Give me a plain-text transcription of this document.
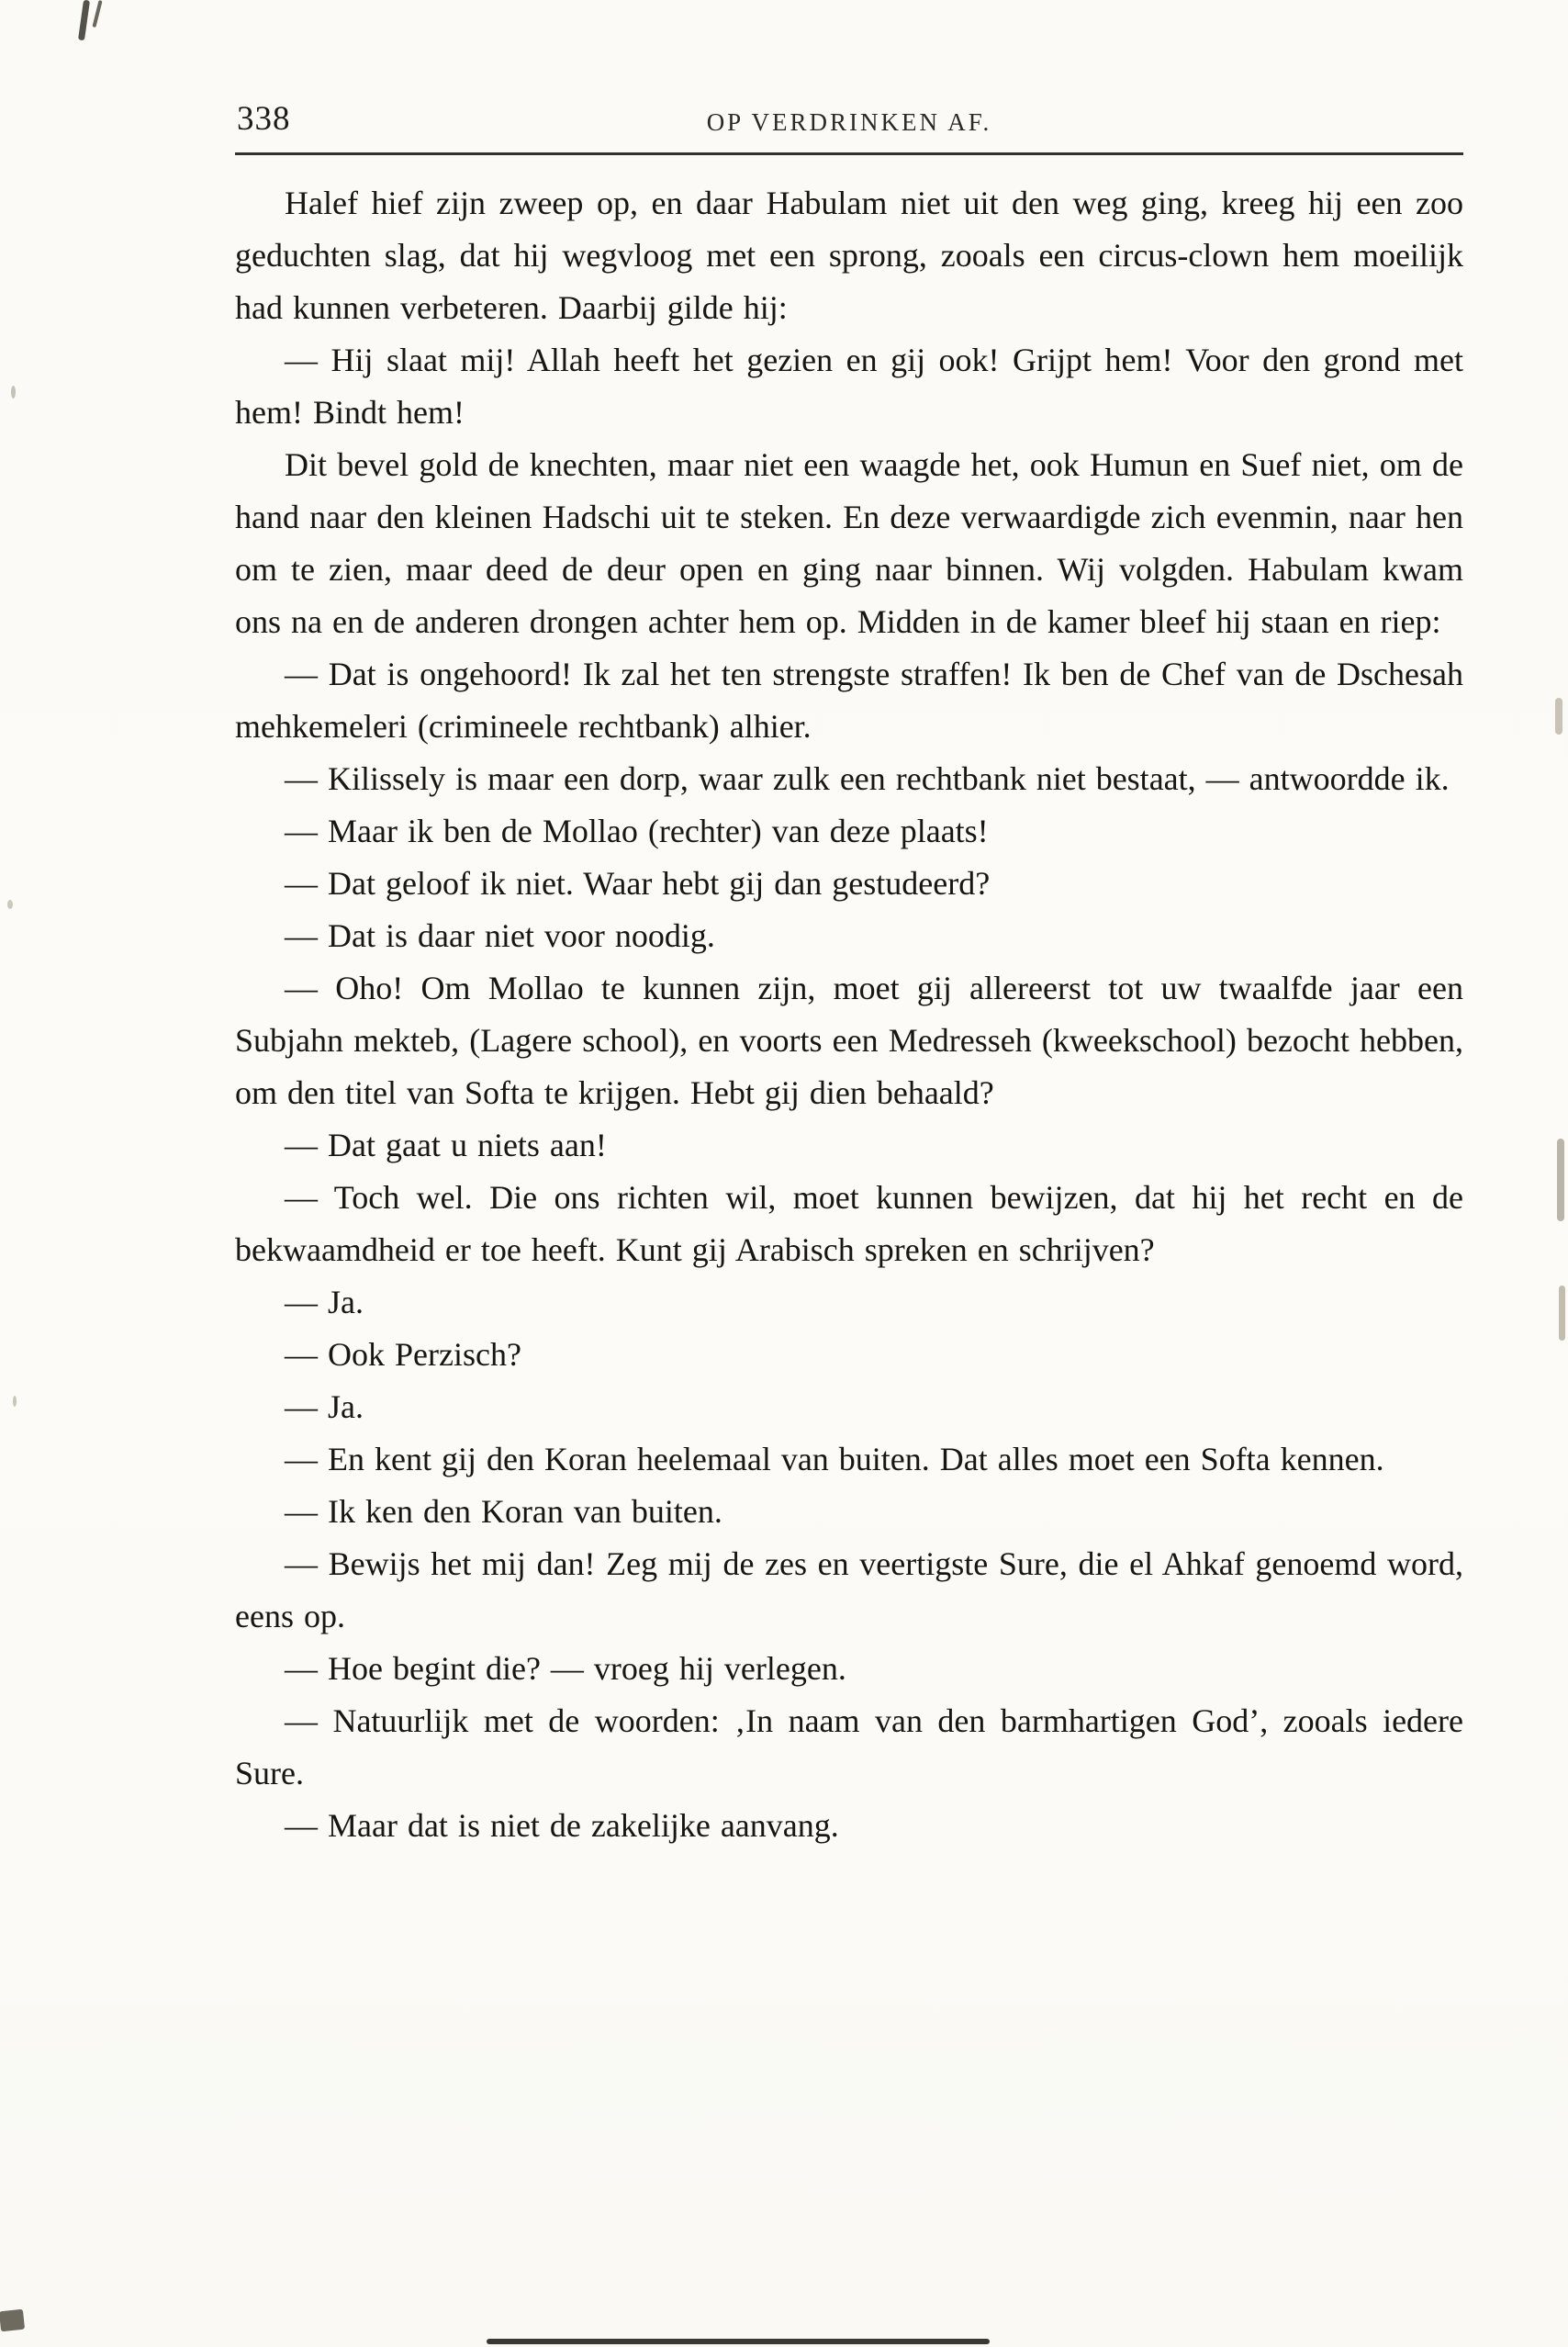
338	OP VERDRINKEN AF.

Halef hief zijn zweep op, en daar Habulam niet uit den weg ging, kreeg hij een zoo geduchten slag, dat hij wegvloog met een sprong, zooals een circus-clown hem moeilijk had kunnen verbeteren. Daarbij gilde hij:

— Hij slaat mij! Allah heeft het gezien en gij ook! Grijpt hem! Voor den grond met hem! Bindt hem!

Dit bevel gold de knechten, maar niet een waagde het, ook Humun en Suef niet, om de hand naar den kleinen Hadschi uit te steken. En deze verwaardigde zich evenmin, naar hen om te zien, maar deed de deur open en ging naar binnen. Wij volgden. Habulam kwam ons na en de anderen drongen achter hem op. Midden in de kamer bleef hij staan en riep:

— Dat is ongehoord! Ik zal het ten strengste straffen! Ik ben de Chef van de Dschesah mehkemeleri (crimineele rechtbank) alhier.

— Kilissely is maar een dorp, waar zulk een rechtbank niet bestaat, — antwoordde ik.

— Maar ik ben de Mollao (rechter) van deze plaats!

— Dat geloof ik niet. Waar hebt gij dan gestudeerd?

— Dat is daar niet voor noodig.

— Oho! Om Mollao te kunnen zijn, moet gij allereerst tot uw twaalfde jaar een Subjahn mekteb, (Lagere school), en voorts een Medresseh (kweekschool) bezocht hebben, om den titel van Softa te krijgen. Hebt gij dien behaald?

— Dat gaat u niets aan!

— Toch wel. Die ons richten wil, moet kunnen bewijzen, dat hij het recht en de bekwaamdheid er toe heeft. Kunt gij Arabisch spreken en schrijven?

— Ja.

— Ook Perzisch?

— Ja.

— En kent gij den Koran heelemaal van buiten. Dat alles moet een Softa kennen.

— Ik ken den Koran van buiten.

— Bewijs het mij dan! Zeg mij de zes en veertigste Sure, die el Ahkaf genoemd word, eens op.

— Hoe begint die? — vroeg hij verlegen.

— Natuurlijk met de woorden: ‚In naam van den barmhartigen God’, zooals iedere Sure.

— Maar dat is niet de zakelijke aanvang.
